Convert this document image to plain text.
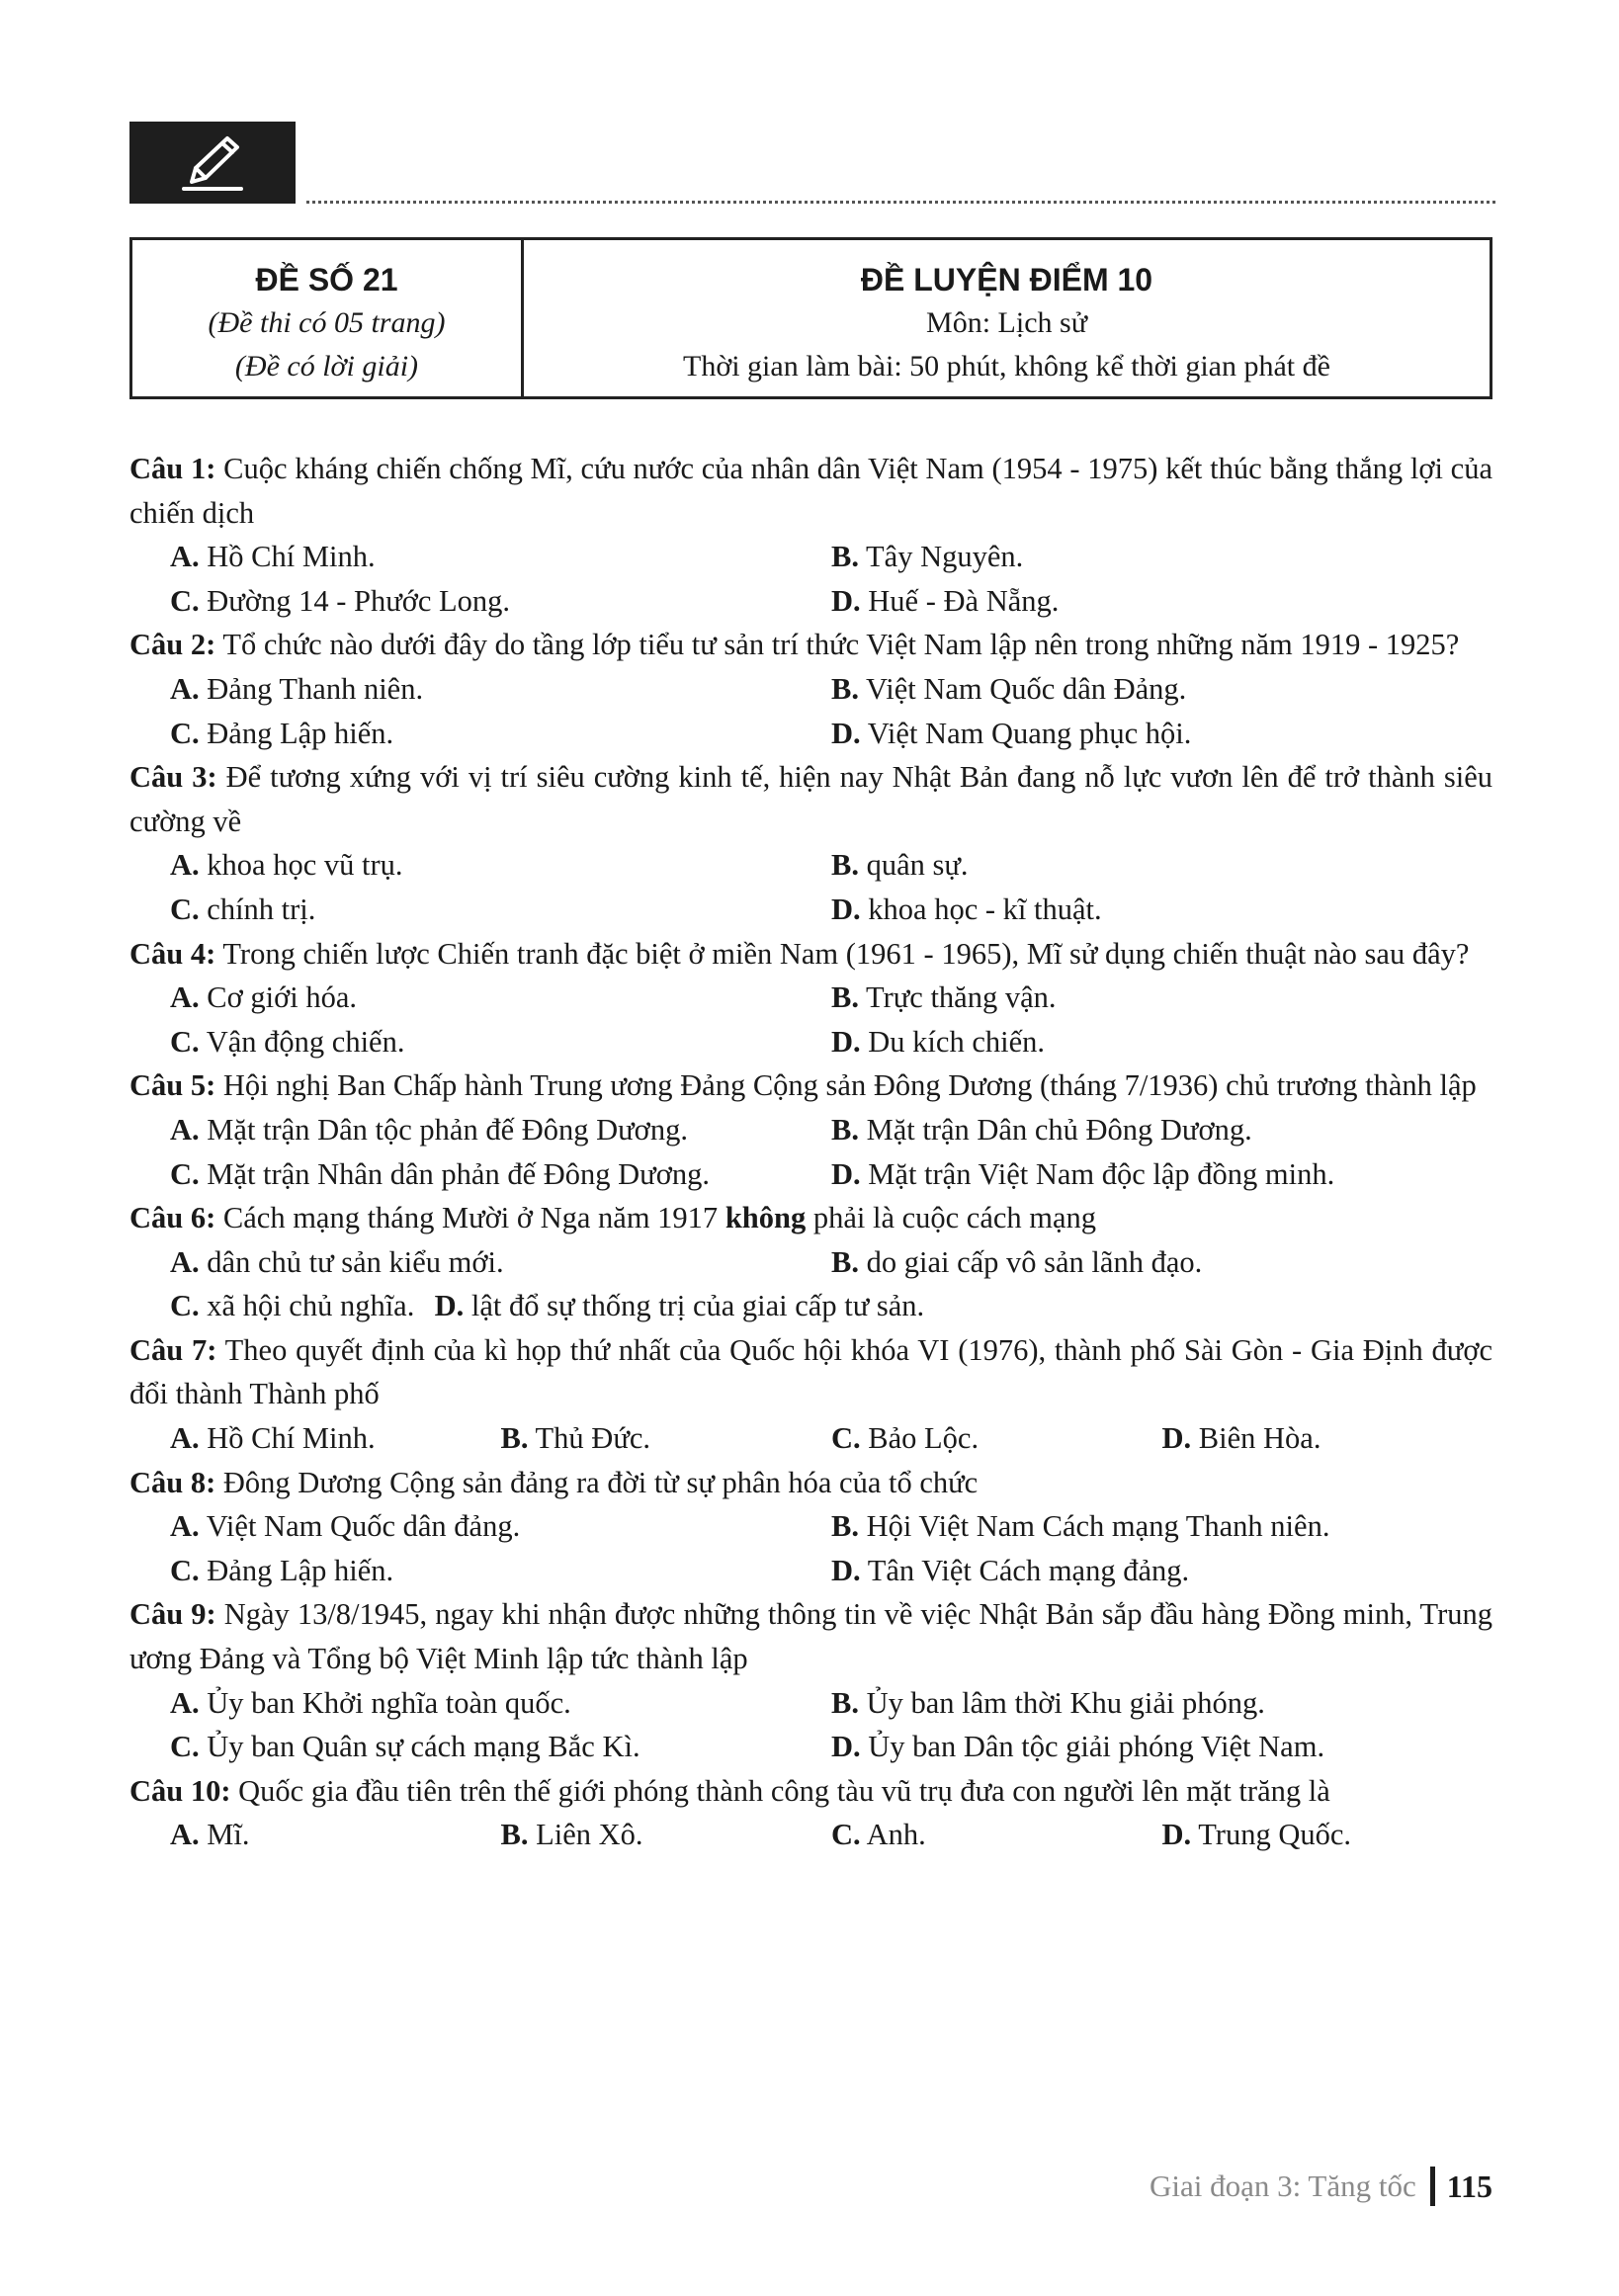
ĐỀ SỐ 21
(Đề thi có 05 trang)
(Đề có lời giải)
ĐỀ LUYỆN ĐIỂM 10
Môn: Lịch sử
Thời gian làm bài: 50 phút, không kể thời gian phát đề
Câu 1: Cuộc kháng chiến chống Mĩ, cứu nước của nhân dân Việt Nam (1954 - 1975) kết thúc bằng thắng lợi của chiến dịch
A. Hồ Chí Minh.	B. Tây Nguyên.
C. Đường 14 - Phước Long.	D. Huế - Đà Nẵng.
Câu 2: Tổ chức nào dưới đây do tầng lớp tiểu tư sản trí thức Việt Nam lập nên trong những năm 1919 - 1925?
A. Đảng Thanh niên.	B. Việt Nam Quốc dân Đảng.
C. Đảng Lập hiến.	D. Việt Nam Quang phục hội.
Câu 3: Để tương xứng với vị trí siêu cường kinh tế, hiện nay Nhật Bản đang nỗ lực vươn lên để trở thành siêu cường về
A. khoa học vũ trụ.	B. quân sự.
C. chính trị.	D. khoa học - kĩ thuật.
Câu 4: Trong chiến lược Chiến tranh đặc biệt ở miền Nam (1961 - 1965), Mĩ sử dụng chiến thuật nào sau đây?
A. Cơ giới hóa.	B. Trực thăng vận.
C. Vận động chiến.	D. Du kích chiến.
Câu 5: Hội nghị Ban Chấp hành Trung ương Đảng Cộng sản Đông Dương (tháng 7/1936) chủ trương thành lập
A. Mặt trận Dân tộc phản đế Đông Dương.	B. Mặt trận Dân chủ Đông Dương.
C. Mặt trận Nhân dân phản đế Đông Dương.	D. Mặt trận Việt Nam độc lập đồng minh.
Câu 6: Cách mạng tháng Mười ở Nga năm 1917 không phải là cuộc cách mạng
A. dân chủ tư sản kiểu mới.	B. do giai cấp vô sản lãnh đạo.
C. xã hội chủ nghĩa. D. lật đổ sự thống trị của giai cấp tư sản.
Câu 7: Theo quyết định của kì họp thứ nhất của Quốc hội khóa VI (1976), thành phố Sài Gòn - Gia Định được đổi thành Thành phố
A. Hồ Chí Minh.	B. Thủ Đức.	C. Bảo Lộc.	D. Biên Hòa.
Câu 8: Đông Dương Cộng sản đảng ra đời từ sự phân hóa của tổ chức
A. Việt Nam Quốc dân đảng.	B. Hội Việt Nam Cách mạng Thanh niên.
C. Đảng Lập hiến.	D. Tân Việt Cách mạng đảng.
Câu 9: Ngày 13/8/1945, ngay khi nhận được những thông tin về việc Nhật Bản sắp đầu hàng Đồng minh, Trung ương Đảng và Tổng bộ Việt Minh lập tức thành lập
A. Ủy ban Khởi nghĩa toàn quốc.	B. Ủy ban lâm thời Khu giải phóng.
C. Ủy ban Quân sự cách mạng Bắc Kì.	D. Ủy ban Dân tộc giải phóng Việt Nam.
Câu 10: Quốc gia đầu tiên trên thế giới phóng thành công tàu vũ trụ đưa con người lên mặt trăng là
A. Mĩ.	B. Liên Xô.	C. Anh.	D. Trung Quốc.
Giai đoạn 3: Tăng tốc 115
